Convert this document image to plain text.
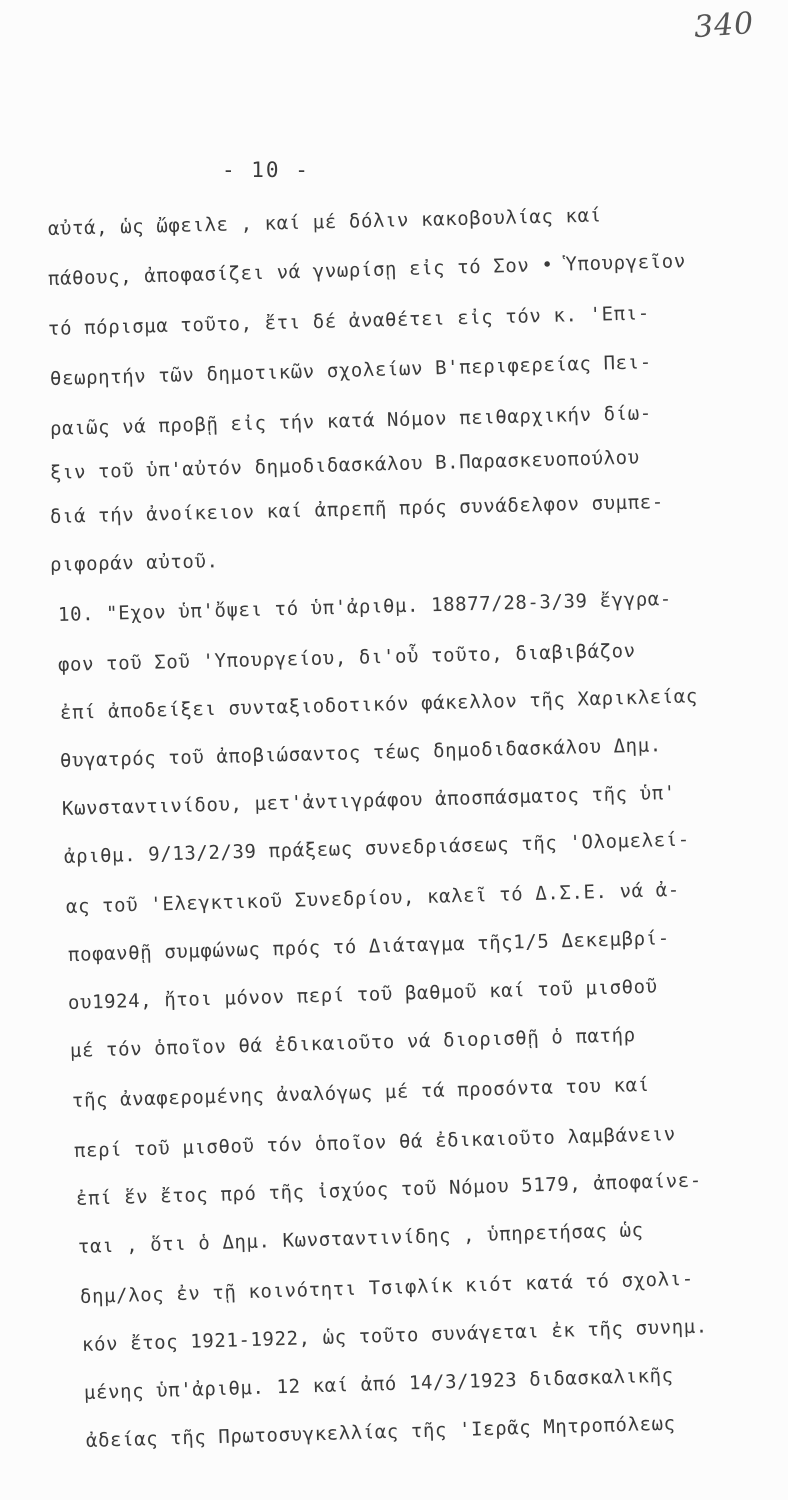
340
- 10 -
αὐτά, ὡς ὤφειλε , καί μέ δόλιν κακοβουλίας καί
πάθους, ἀποφασίζει νά γνωρίσῃ εἰς τό Σον • Ὑπουργεῖον
τό πόρισμα τοῦτο, ἔτι δέ ἀναθέτει εἰς τόν κ. 'Επι-
θεωρητήν τῶν δημοτικῶν σχολείων Β'περιφερείας Πει-
ραιῶς νά προβῇ εἰς τήν κατά Νόμον πειθαρχικήν δίω-
ξιν τοῦ ὑπ'αὐτόν δημοδιδασκάλου Β.Παρασκευοπούλου
διά τήν ἀνοίκειον καί ἀπρεπῆ πρός συνάδελφον συμπε-
ριφοράν αὐτοῦ.
10. "Εχον ὑπ'ὄψει τό ὑπ'ἀριθμ. 18877/28-3/39 ἔγγρα-
φον τοῦ Σοῦ 'Υπουργείου, δι'οὗ τοῦτο, διαβιβάζον
ἐπί ἀποδείξει συνταξιοδοτικόν φάκελλον τῆς Χαρικλείας
θυγατρός τοῦ ἀποβιώσαντος τέως δημοδιδασκάλου Δημ.
Κωνσταντινίδου, μετ'ἀντιγράφου ἀποσπάσματος τῆς ὑπ'
ἀριθμ. 9/13/2/39 πράξεως συνεδριάσεως τῆς 'Ολομελεί-
ας τοῦ 'Ελεγκτικοῦ Συνεδρίου, καλεῖ τό Δ.Σ.Ε. νά ἀ-
ποφανθῇ συμφώνως πρός τό Διάταγμα τῆς1/5 Δεκεμβρί-
ου1924, ἤτοι μόνον περί τοῦ βαθμοῦ καί τοῦ μισθοῦ
μέ τόν ὁποῖον θά ἐδικαιοῦτο νά διορισθῇ ὁ πατήρ
τῆς ἀναφερομένης ἀναλόγως μέ τά προσόντα του καί
περί τοῦ μισθοῦ τόν ὁποῖον θά ἐδικαιοῦτο λαμβάνειν
ἐπί ἕν ἔτος πρό τῆς ἰσχύος τοῦ Νόμου 5179, ἀποφαίνε-
ται , ὅτι ὁ Δημ. Κωνσταντινίδης , ὑπηρετήσας ὡς
δημ/λος ἐν τῇ κοινότητι Τσιφλίκ κιότ κατά τό σχολι-
κόν ἔτος 1921-1922, ὡς τοῦτο συνάγεται ἐκ τῆς συνημ.
μένης ὑπ'ἀριθμ. 12 καί ἀπό 14/3/1923 διδασκαλικῆς
ἀδείας τῆς Πρωτοσυγκελλίας τῆς 'Ιερᾶς Μητροπόλεως
